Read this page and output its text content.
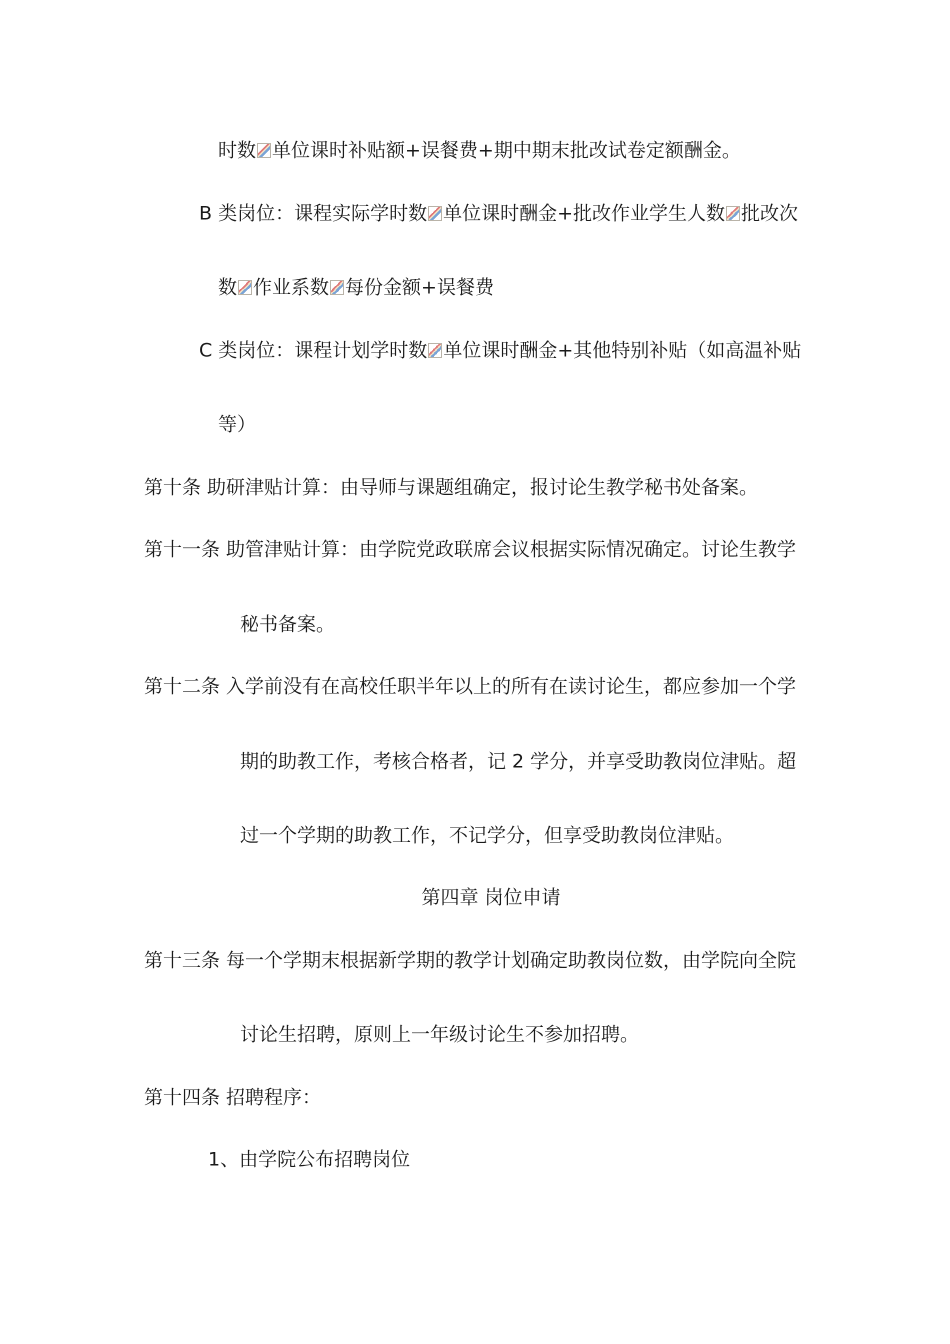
时数 单位课时补贴额+误餐费+期中期末批改试卷定额酬金。
B 类岗位：课程实际学时数 单位课时酬金+批改作业学生人数 批改次
数 作业系数 每份金额+误餐费
C 类岗位：课程计划学时数 单位课时酬金+其他特别补贴（如高温补贴
等）
第十条 助研津贴计算：由导师与课题组确定，报讨论生教学秘书处备案。
第十一条 助管津贴计算：由学院党政联席会议根据实际情况确定。讨论生教学
秘书备案。
第十二条 入学前没有在高校任职半年以上的所有在读讨论生，都应参加一个学
期的助教工作，考核合格者，记 2 学分，并享受助教岗位津贴。超
过一个学期的助教工作，不记学分，但享受助教岗位津贴。
第四章 岗位申请
第十三条 每一个学期末根据新学期的教学计划确定助教岗位数，由学院向全院
讨论生招聘，原则上一年级讨论生不参加招聘。
第十四条 招聘程序：
1、由学院公布招聘岗位
